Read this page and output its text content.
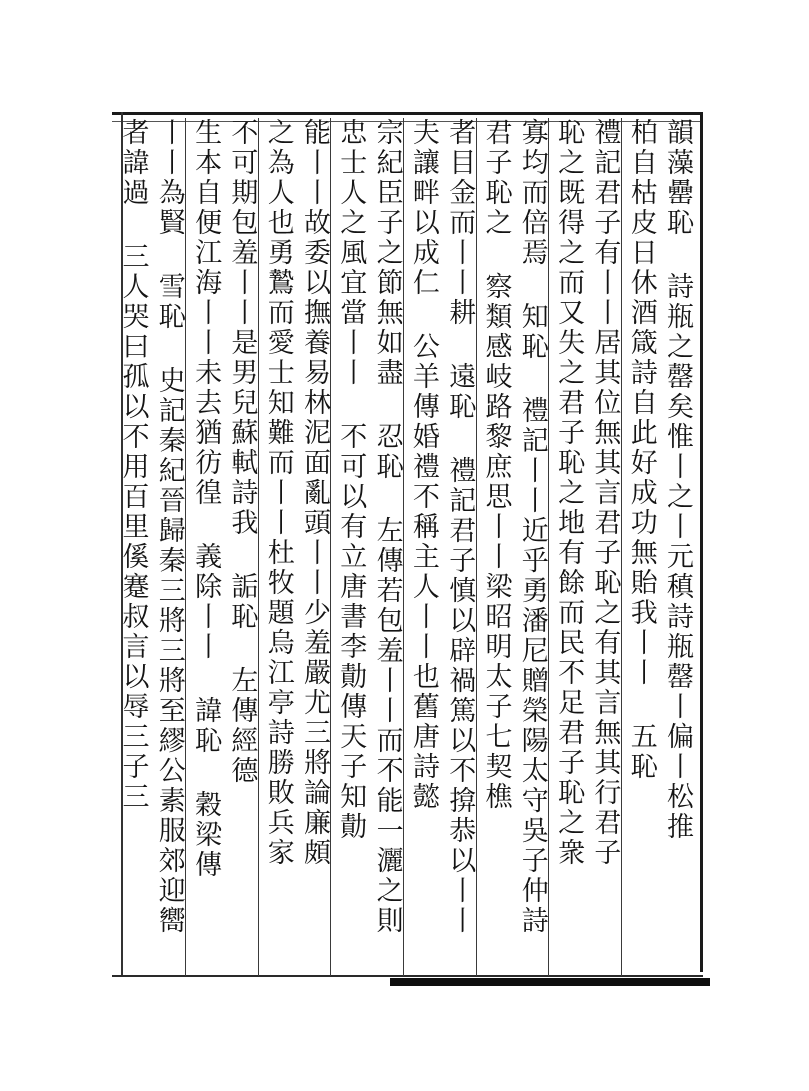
韻藻罍恥 詩瓶之罄矣惟丨之丨元稹詩瓶罄丨偏丨松推
柏自枯皮日休酒箴詩自此好成功無貽我丨丨 五恥
禮記君子有丨丨居其位無其言君子恥之有其言無其行君子
恥之既得之而又失之君子恥之地有餘而民不足君子恥之衆
寡均而倍焉 知恥 禮記丨丨近乎勇潘尼贈榮陽太守吳子仲詩
君子恥之 察類感岐路黎庶思丨丨梁昭明太子七契樵
者目金而丨丨耕 遠恥 禮記君子慎以辟禍篤以不揜恭以丨丨
夫讓畔以成仁 公羊傳婚禮不稱主人丨丨也舊唐詩懿
宗紀臣子之節無如盡 忍恥 左傳若包羞丨丨而不能一灑之則
忠士人之風宜當丨丨 不可以有立唐書李勣傳天子知勣
能丨丨故委以撫養易林泥面亂頭丨丨少羞嚴尤三將論廉頗
之為人也勇鷙而愛士知難而丨丨杜牧題烏江亭詩勝敗兵家
不可期包羞丨丨是男兒蘇軾詩我 詬恥 左傳經德
生本自便江海丨丨未去猶彷徨 義除丨丨 諱恥 穀梁傳
丨丨為賢 雪恥 史記秦紀晉歸秦三將三將至繆公素服郊迎嚮
者諱過 三人哭曰孤以不用百里傒蹇叔言以辱三子三
